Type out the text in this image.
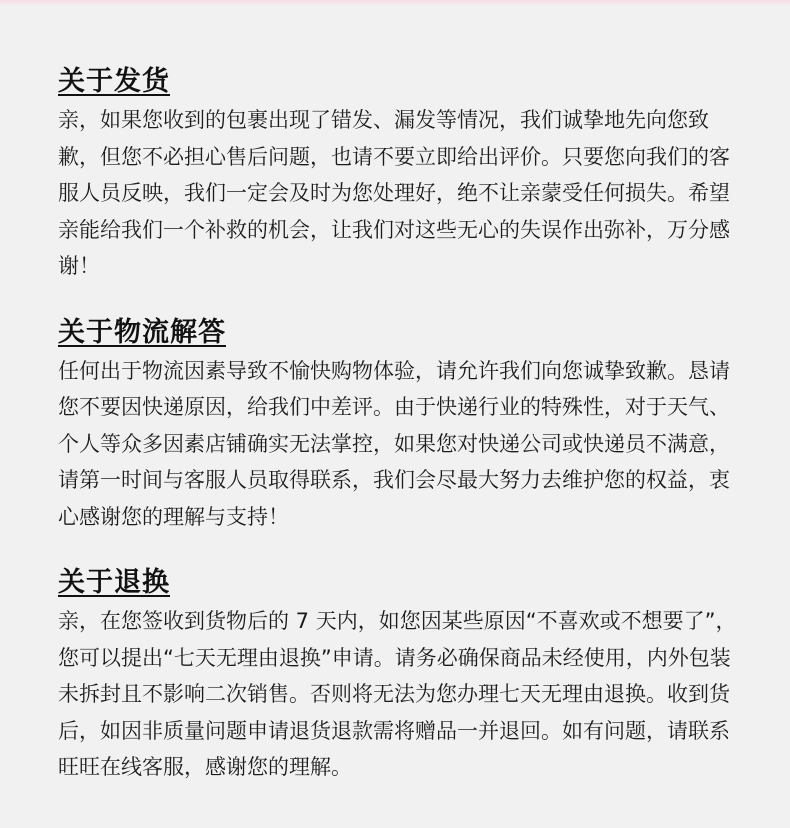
关于发货

亲，如果您收到的包裹出现了错发、漏发等情况，我们诚挚地先向您致歉，但您不必担心售后问题，也请不要立即给出评价。只要您向我们的客服人员反映，我们一定会及时为您处理好，绝不让亲蒙受任何损失。希望亲能给我们一个补救的机会，让我们对这些无心的失误作出弥补，万分感谢！

关于物流解答

任何出于物流因素导致不愉快购物体验，请允许我们向您诚挚致歉。恳请您不要因快递原因，给我们中差评。由于快递行业的特殊性，对于天气、个人等众多因素店铺确实无法掌控，如果您对快递公司或快递员不满意，请第一时间与客服人员取得联系，我们会尽最大努力去维护您的权益，衷心感谢您的理解与支持！

关于退换

亲，在您签收到货物后的 7 天内，如您因某些原因“不喜欢或不想要了”，您可以提出“七天无理由退换”申请。请务必确保商品未经使用，内外包装未拆封且不影响二次销售。否则将无法为您办理七天无理由退换。收到货后，如因非质量问题申请退货退款需将赠品一并退回。如有问题，请联系旺旺在线客服，感谢您的理解。
